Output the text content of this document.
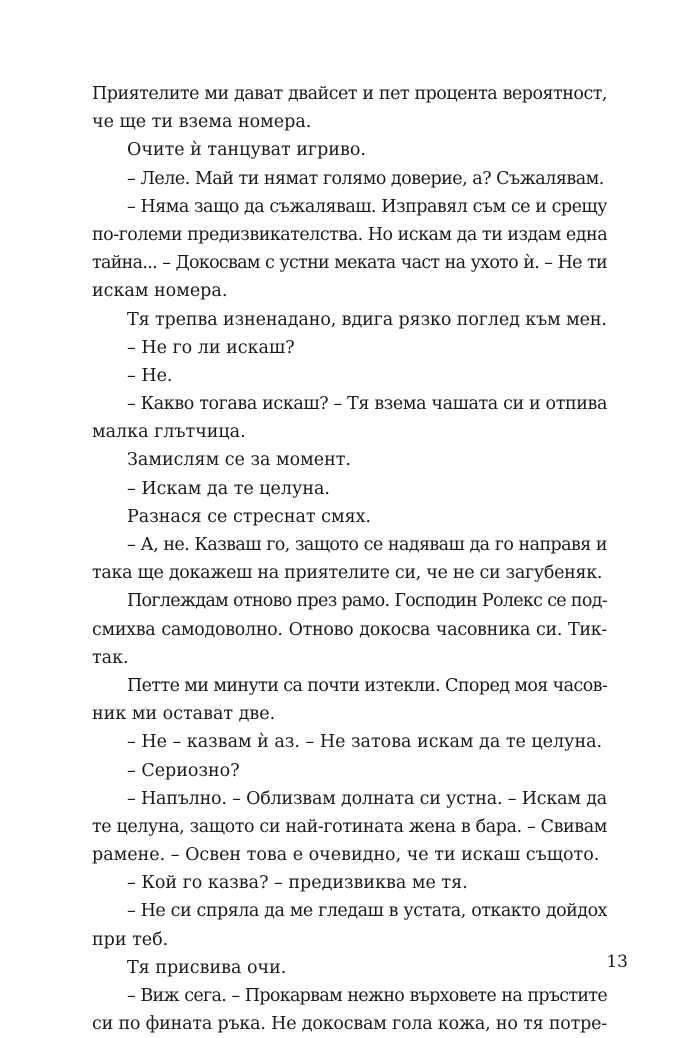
Приятелите ми дават двайсет и пет процента вероятност,
че ще ти взема номера.
Очите ѝ танцуват игриво.
– Леле. Май ти нямат голямо доверие, а? Съжалявам.
– Няма защо да съжаляваш. Изправял съм се и срещу
по-големи предизвикателства. Но искам да ти издам една
тайна... – Докосвам с устни меката част на ухото ѝ. – Не ти
искам номера.
Тя трепва изненадано, вдига рязко поглед към мен.
– Не го ли искаш?
– Не.
– Какво тогава искаш? – Тя взема чашата си и отпива
малка глътчица.
Замислям се за момент.
– Искам да те целуна.
Разнася се стреснат смях.
– А, не. Казваш го, защото се надяваш да го направя и
така ще докажеш на приятелите си, че не си загубеняк.
Поглеждам отново през рамо. Господин Ролекс се под-
смихва самодоволно. Отново докосва часовника си. Тик-
так.
Петте ми минути са почти изтекли. Според моя часов-
ник ми остават две.
– Не – казвам ѝ аз. – Не затова искам да те целуна.
– Сериозно?
– Напълно. – Облизвам долната си устна. – Искам да
те целуна, защото си най-готината жена в бара. – Свивам
рамене. – Освен това е очевидно, че ти искаш същото.
– Кой го казва? – предизвиква ме тя.
– Не си спряла да ме гледаш в устата, откакто дойдох
при теб.
Тя присвива очи.
– Виж сега. – Прокарвам нежно върховете на пръстите
си по фината ръка. Не докосвам гола кожа, но тя потре-
13
